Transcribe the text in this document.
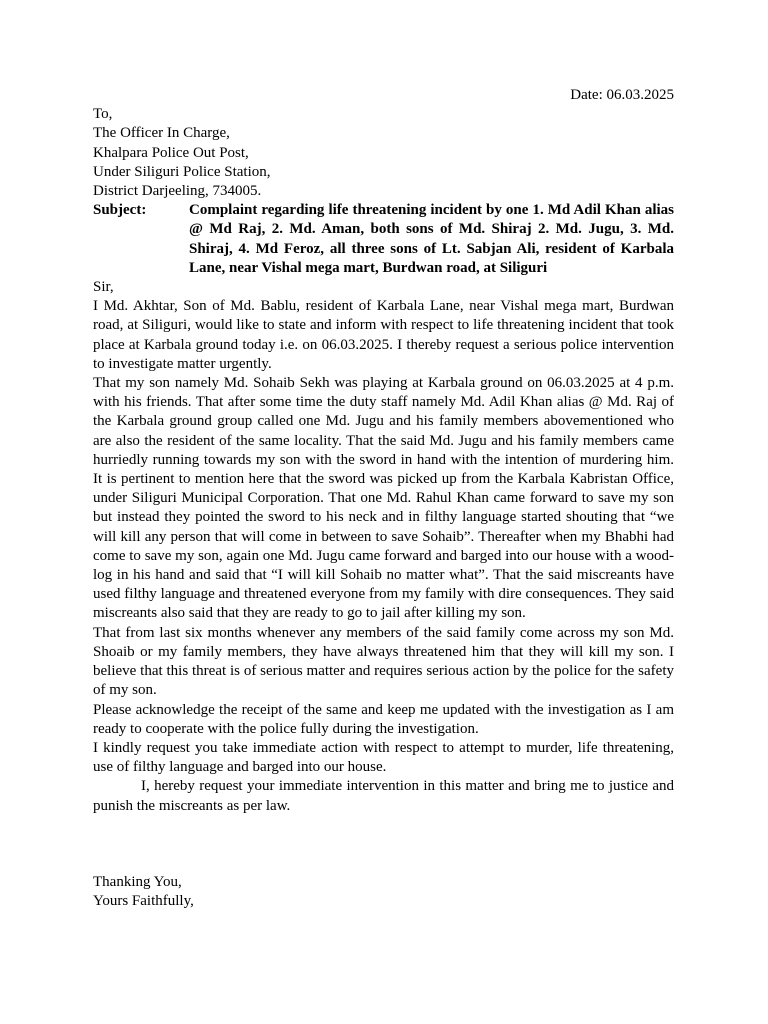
Date: 06.03.2025
To,
The Officer In Charge,
Khalpara Police Out Post,
Under Siliguri Police Station,
District Darjeeling, 734005.
Subject:	Complaint regarding life threatening incident by one 1. Md Adil Khan alias @ Md Raj, 2. Md. Aman, both sons of Md. Shiraj 2. Md. Jugu, 3. Md. Shiraj, 4. Md Feroz, all three sons of Lt. Sabjan Ali, resident of Karbala Lane, near Vishal mega mart, Burdwan road, at Siliguri
Sir,

I Md. Akhtar, Son of Md. Bablu, resident of Karbala Lane, near Vishal mega mart, Burdwan road, at Siliguri, would like to state and inform with respect to life threatening incident that took place at Karbala ground today i.e. on 06.03.2025. I thereby request a serious police intervention to investigate matter urgently.

That my son namely Md. Sohaib Sekh was playing at Karbala ground on 06.03.2025 at 4 p.m. with his friends. That after some time the duty staff namely Md. Adil Khan alias @ Md. Raj of the Karbala ground group called one Md. Jugu and his family members abovementioned who are also the resident of the same locality. That the said Md. Jugu and his family members came hurriedly running towards my son with the sword in hand with the intention of murdering him. It is pertinent to mention here that the sword was picked up from the Karbala Kabristan Office, under Siliguri Municipal Corporation. That one Md. Rahul Khan came forward to save my son but instead they pointed the sword to his neck and in filthy language started shouting that “we will kill any person that will come in between to save Sohaib”. Thereafter when my Bhabhi had come to save my son, again one Md. Jugu came forward and barged into our house with a wood-log in his hand and said that “I will kill Sohaib no matter what”. That the said miscreants have used filthy language and threatened everyone from my family with dire consequences. They said miscreants also said that they are ready to go to jail after killing my son.

That from last six months whenever any members of the said family come across my son Md. Shoaib or my family members, they have always threatened him that they will kill my son. I believe that this threat is of serious matter and requires serious action by the police for the safety of my son.

Please acknowledge the receipt of the same and keep me updated with the investigation as I am ready to cooperate with the police fully during the investigation.

I kindly request you take immediate action with respect to attempt to murder, life threatening, use of filthy language and barged into our house.

I, hereby request your immediate intervention in this matter and bring me to justice and punish the miscreants as per law.

Thanking You,
Yours Faithfully,
